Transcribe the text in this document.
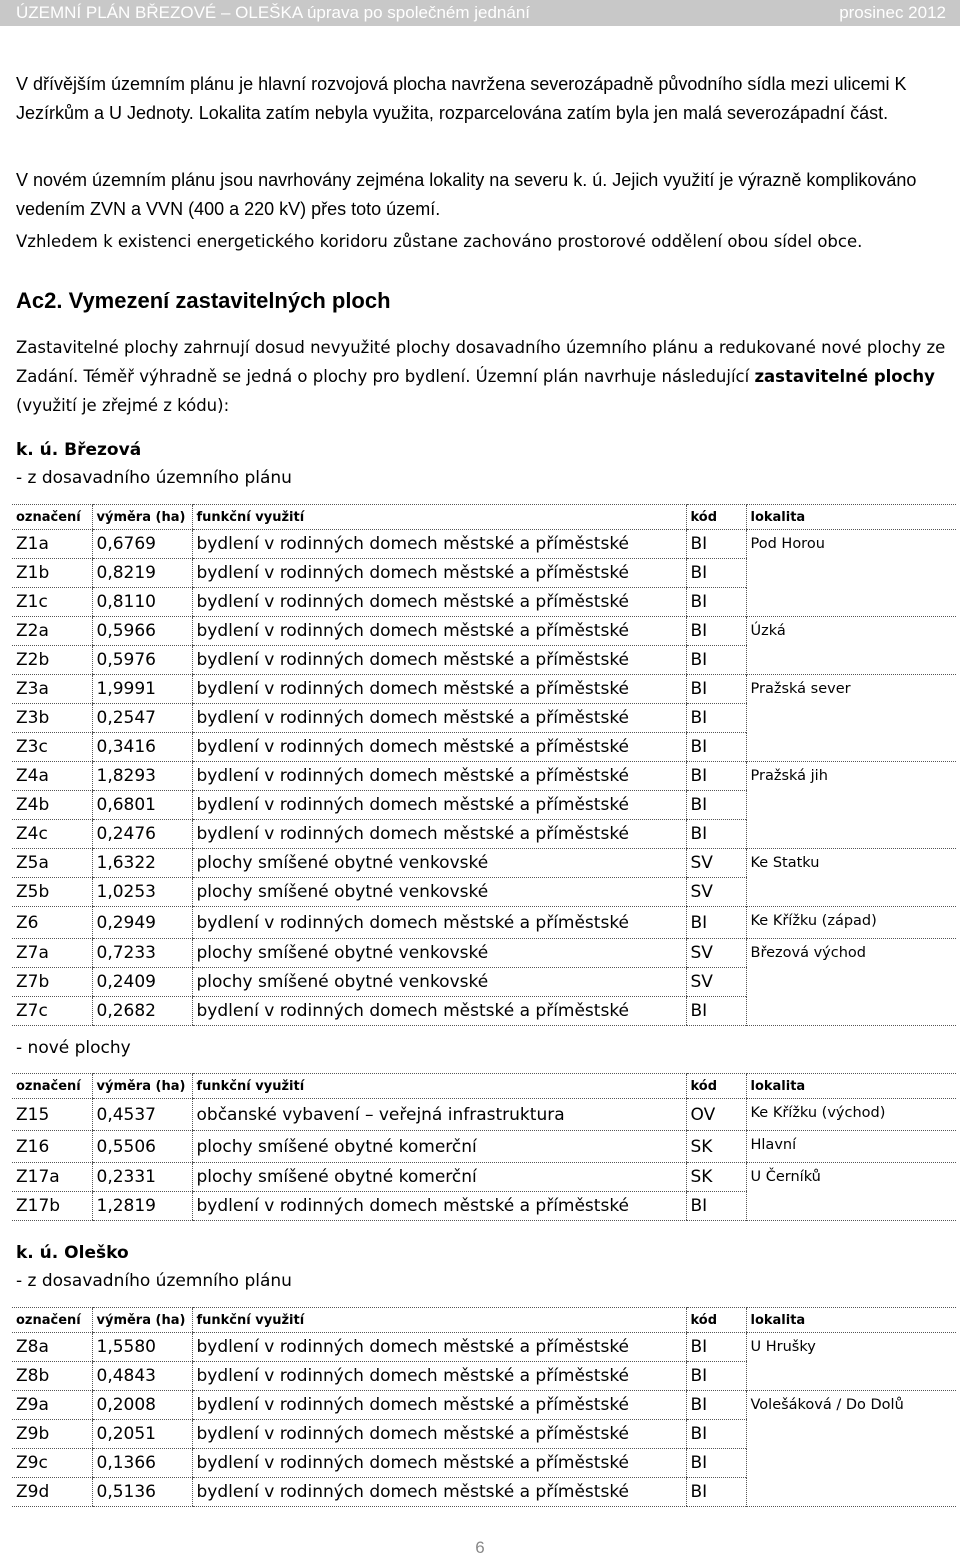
ÚZEMNÍ PLÁN BŘEZOVÉ – OLEŠKA úprava po společném jednání	prosinec 2012
V dřívějším územním plánu je hlavní rozvojová plocha navržena severozápadně původního sídla mezi ulicemi K Jezírkům a U Jednoty. Lokalita zatím nebyla využita, rozparcelována zatím byla jen malá severozápadní část.
V novém územním plánu jsou navrhovány zejména lokality na severu k. ú. Jejich využití je výrazně komplikováno vedením ZVN a VVN (400 a 220 kV) přes toto území.
Vzhledem k existenci energetického koridoru zůstane zachováno prostorové oddělení obou sídel obce.
Ac2. Vymezení zastavitelných ploch
Zastavitelné plochy zahrnují dosud nevyužité plochy dosavadního územního plánu a redukované nové plochy ze Zadání. Téměř výhradně se jedná o plochy pro bydlení. Územní plán navrhuje následující zastavitelné plochy (využití je zřejmé z kódu):
k. ú. Březová
- z dosavadního územního plánu
označení	výměra (ha)	funkční využití	kód	lokalita
Z1a	0,6769	bydlení v rodinných domech městské a příměstské	BI	Pod Horou
Z1b	0,8219	bydlení v rodinných domech městské a příměstské	BI	
Z1c	0,8110	bydlení v rodinných domech městské a příměstské	BI	
Z2a	0,5966	bydlení v rodinných domech městské a příměstské	BI	Úzká
Z2b	0,5976	bydlení v rodinných domech městské a příměstské	BI	
Z3a	1,9991	bydlení v rodinných domech městské a příměstské	BI	Pražská sever
Z3b	0,2547	bydlení v rodinných domech městské a příměstské	BI	
Z3c	0,3416	bydlení v rodinných domech městské a příměstské	BI	
Z4a	1,8293	bydlení v rodinných domech městské a příměstské	BI	Pražská jih
Z4b	0,6801	bydlení v rodinných domech městské a příměstské	BI	
Z4c	0,2476	bydlení v rodinných domech městské a příměstské	BI	
Z5a	1,6322	plochy smíšené obytné venkovské	SV	Ke Statku
Z5b	1,0253	plochy smíšené obytné venkovské	SV	
Z6	0,2949	bydlení v rodinných domech městské a příměstské	BI	Ke Křížku (západ)
Z7a	0,7233	plochy smíšené obytné venkovské	SV	Březová východ
Z7b	0,2409	plochy smíšené obytné venkovské	SV	
Z7c	0,2682	bydlení v rodinných domech městské a příměstské	BI	
- nové plochy
označení	výměra (ha)	funkční využití	kód	lokalita
Z15	0,4537	občanské vybavení – veřejná infrastruktura	OV	Ke Křížku (východ)
Z16	0,5506	plochy smíšené obytné komerční	SK	Hlavní
Z17a	0,2331	plochy smíšené obytné komerční	SK	U Černíků
Z17b	1,2819	bydlení v rodinných domech městské a příměstské	BI	
k. ú. Oleško
- z dosavadního územního plánu
označení	výměra (ha)	funkční využití	kód	lokalita
Z8a	1,5580	bydlení v rodinných domech městské a příměstské	BI	U Hrušky
Z8b	0,4843	bydlení v rodinných domech městské a příměstské	BI	
Z9a	0,2008	bydlení v rodinných domech městské a příměstské	BI	Volešáková / Do Dolů
Z9b	0,2051	bydlení v rodinných domech městské a příměstské	BI	
Z9c	0,1366	bydlení v rodinných domech městské a příměstské	BI	
Z9d	0,5136	bydlení v rodinných domech městské a příměstské	BI	
6
